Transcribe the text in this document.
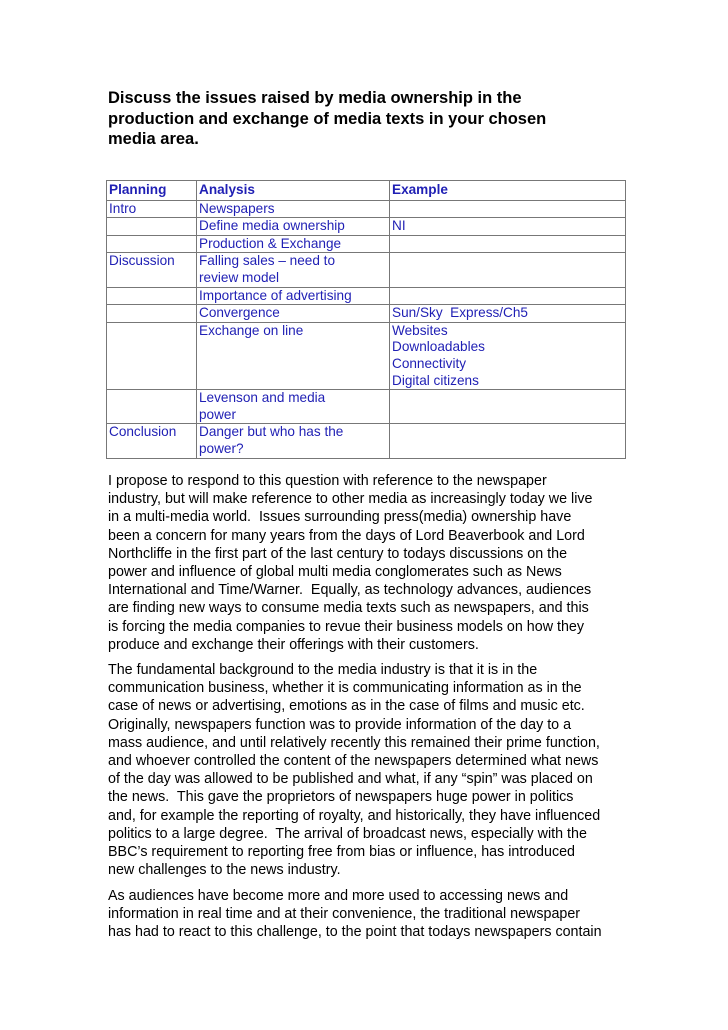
Discuss the issues raised by media ownership in the
production and exchange of media texts in your chosen
media area.
Planning	Analysis	Example
Intro	Newspapers	

	Define media ownership	NI

	Production & Exchange	

Discussion	Falling sales – need to
review model	

	Importance of advertising	

	Convergence	Sun/Sky  Express/Ch5

	Exchange on line	Websites
Downloadables
Connectivity
Digital citizens

	Levenson and media
power	

Conclusion	Danger but who has the
power?	

I propose to respond to this question with reference to the newspaper
industry, but will make reference to other media as increasingly today we live
in a multi-media world.  Issues surrounding press(media) ownership have
been a concern for many years from the days of Lord Beaverbook and Lord
Northcliffe in the first part of the last century to todays discussions on the
power and influence of global multi media conglomerates such as News
International and Time/Warner.  Equally, as technology advances, audiences
are finding new ways to consume media texts such as newspapers, and this
is forcing the media companies to revue their business models on how they
produce and exchange their offerings with their customers.
The fundamental background to the media industry is that it is in the
communication business, whether it is communicating information as in the
case of news or advertising, emotions as in the case of films and music etc.
Originally, newspapers function was to provide information of the day to a
mass audience, and until relatively recently this remained their prime function,
and whoever controlled the content of the newspapers determined what news
of the day was allowed to be published and what, if any “spin” was placed on
the news.  This gave the proprietors of newspapers huge power in politics
and, for example the reporting of royalty, and historically, they have influenced
politics to a large degree.  The arrival of broadcast news, especially with the
BBC’s requirement to reporting free from bias or influence, has introduced
new challenges to the news industry.
As audiences have become more and more used to accessing news and
information in real time and at their convenience, the traditional newspaper
has had to react to this challenge, to the point that todays newspapers contain
